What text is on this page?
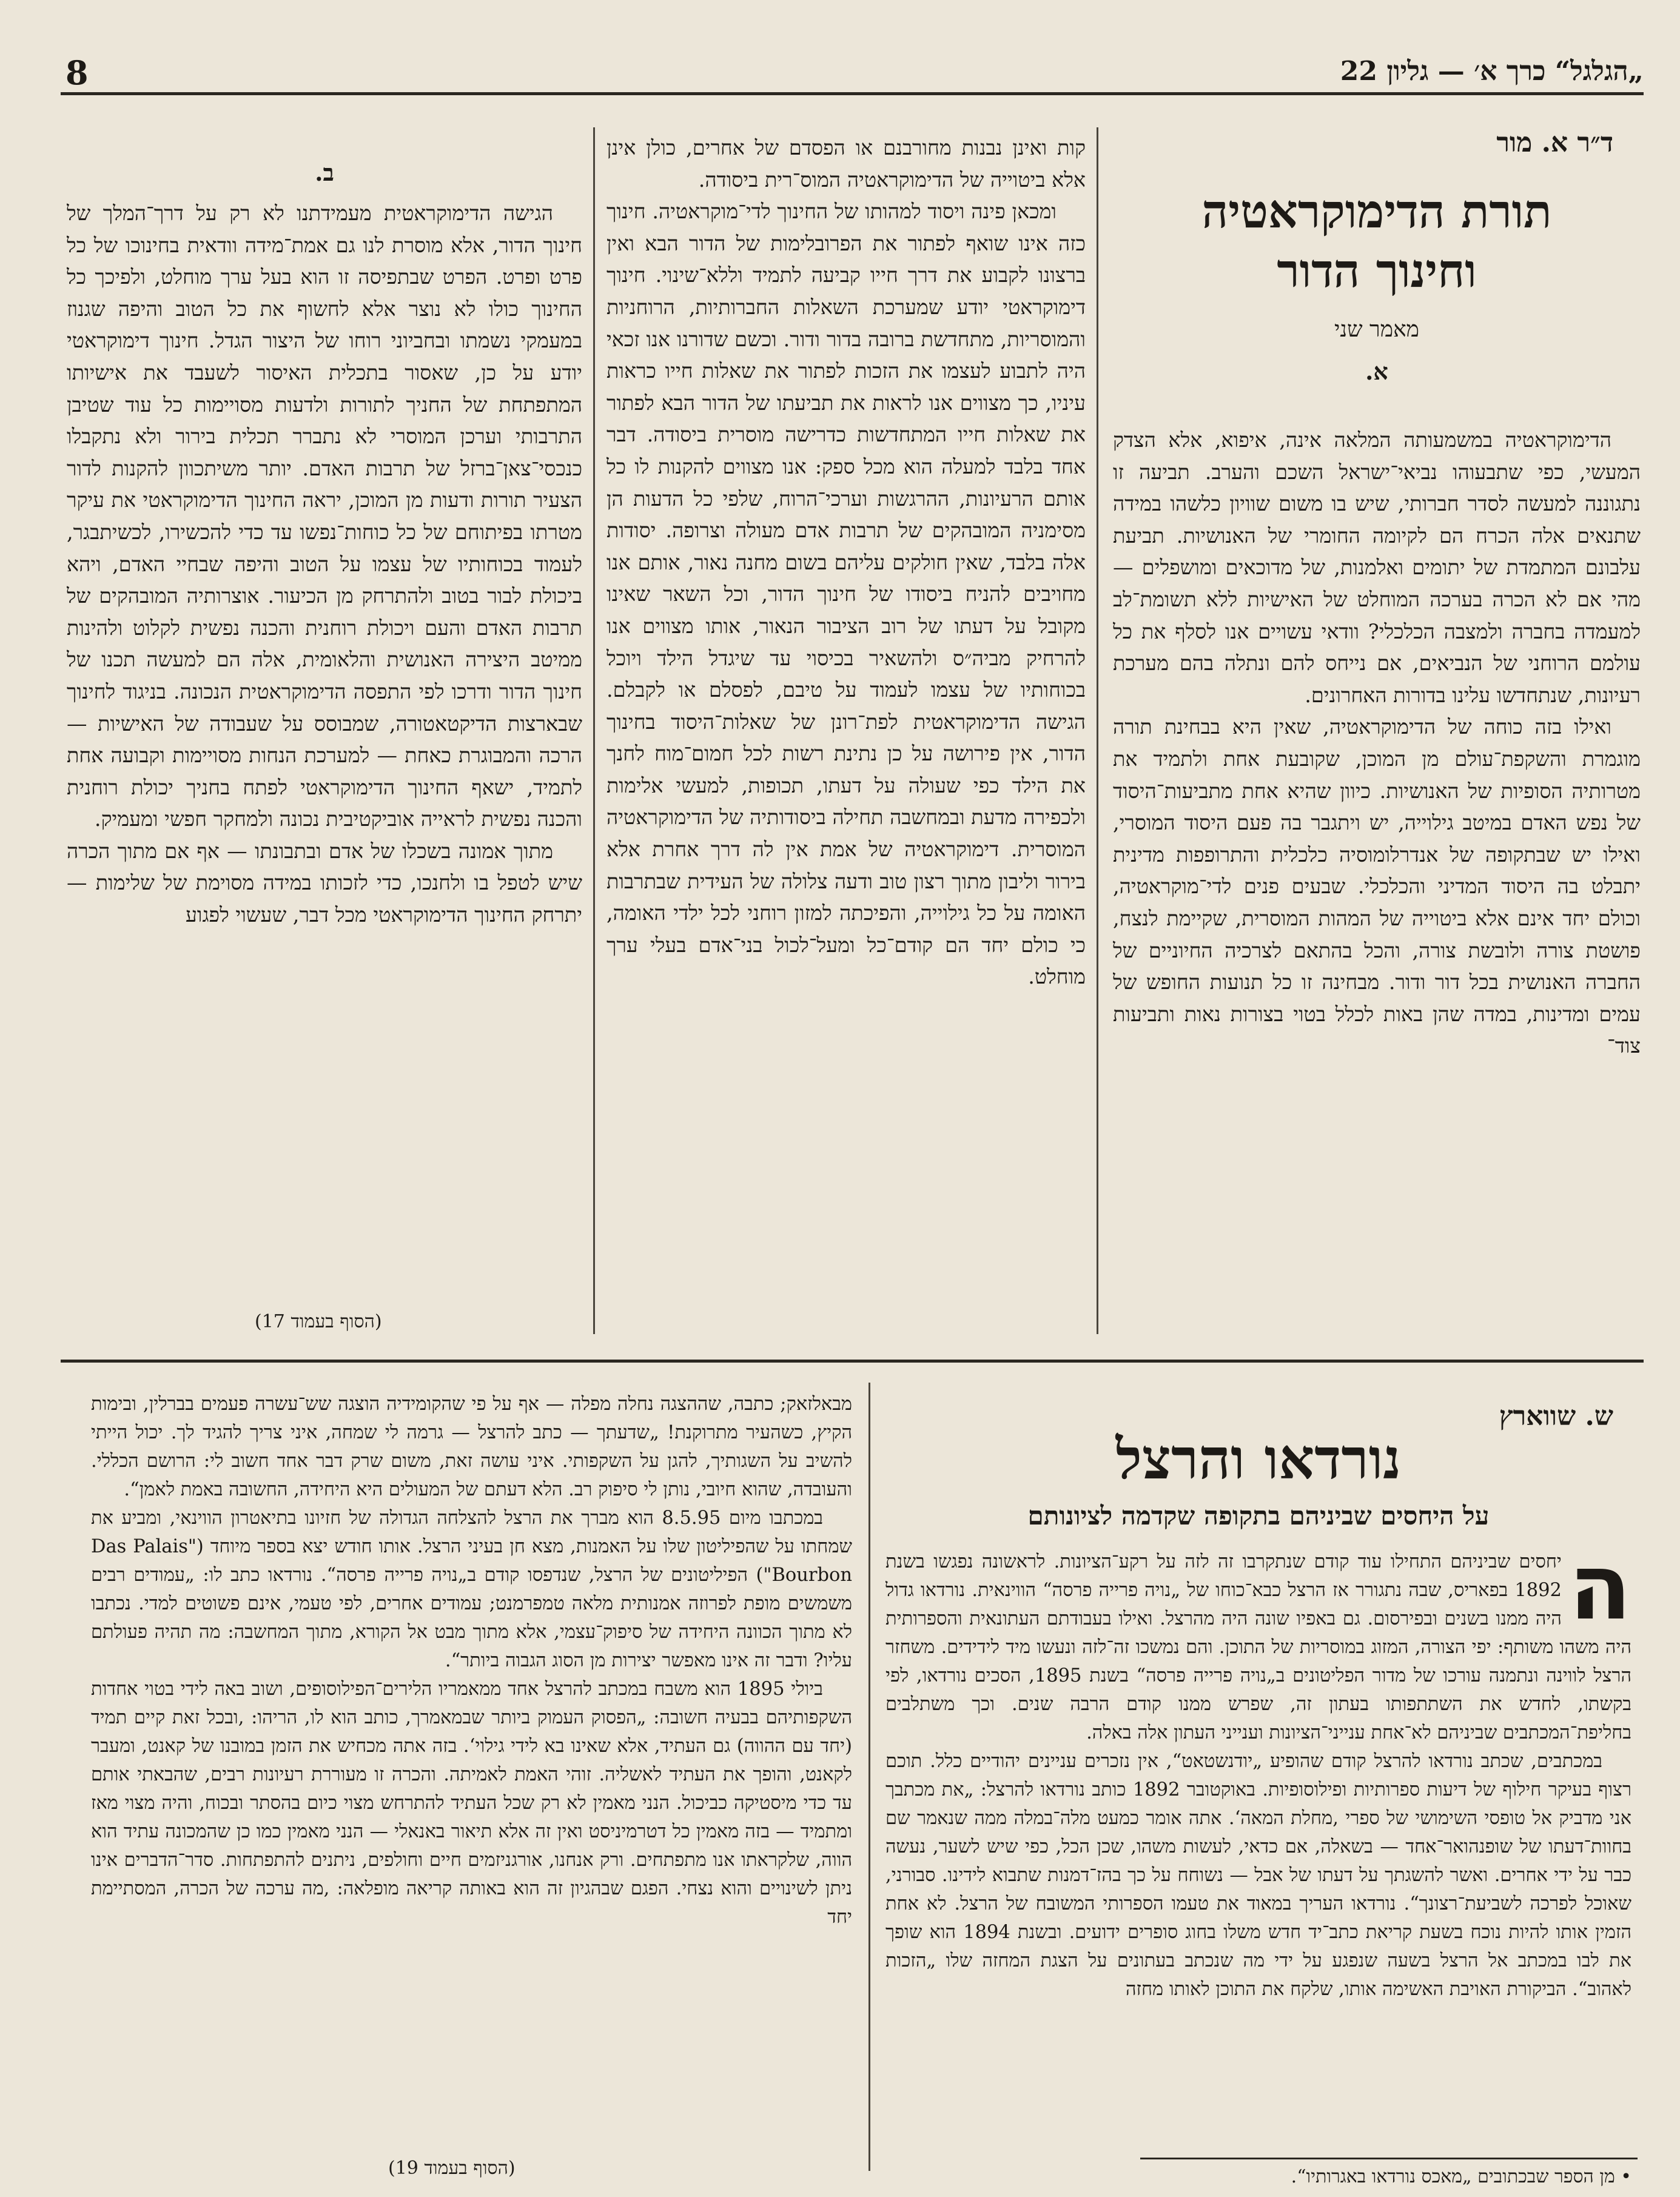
„הגלגל“ כרך א׳ — גליון 22
8
ד״ר א. מור
תורת הדימוקראטיה
וחינוך הדור
מאמר שני
א.

הדימוקראטיה במשמעותה המלאה אינה, איפוא, אלא הצדק המעשי, כפי שתבעוהו נביאי־ישראל השכם והערב. תביעה זו נתגוננה למעשה לסדר חברותי, שיש בו משום שוויון כלשהו במידה שתנאים אלה הכרח הם לקיומה החומרי של האנושיות. תביעת עלבונם המתמדת של יתומים ואלמנות, של מדוכאים ומושפלים — מהי אם לא הכרה בערכה המוחלט של האישיות ללא תשומת־לב למעמדה בחברה ולמצבה הכלכלי? וודאי עשויים אנו לסלף את כל עולמם הרוחני של הנביאים, אם נייחס להם ונתלה בהם מערכת רעיונות, שנתחדשו עלינו בדורות האחרונים.

ואילו בזה כוחה של הדימוקראטיה, שאין היא בבחינת תורה מוגמרת והשקפת־עולם מן המוכן, שקובעת אחת ולתמיד את מטרותיה הסופיות של האנושיות. כיוון שהיא אחת מתביעות־היסוד של נפש האדם במיטב גילוייה, יש ויתגבר בה פעם היסוד המוסרי, ואילו יש שבתקופה של אנדרלומוסיה כלכלית והתרופפות מדינית יתבלט בה היסוד המדיני והכלכלי. שבעים פנים לדי־מוקראטיה, וכולם יחד אינם אלא ביטוייה של המהות המוסרית, שקיימת לנצח, פושטת צורה ולובשת צורה, והכל בהתאם לצרכיה החיוניים של החברה האנושית בכל דור ודור. מבחינה זו כל תנועות החופש של עמים ומדינות, במדה שהן באות לכלל בטוי בצורות נאות ותביעות צוד־

קות ואינן נבנות מחורבנם או הפסדם של אחרים, כולן אינן אלא ביטוייה של הדימוקראטיה המוס־רית ביסודה.

ומכאן פינה ויסוד למהותו של החינוך לדי־מוקראטיה. חינוך כזה אינו שואף לפתור את הפרובלימות של הדור הבא ואין ברצונו לקבוע את דרך חייו קביעה לתמיד וללא־שינוי. חינוך דימוקראטי יודע שמערכת השאלות החברותיות, הרוחניות והמוסריות, מתחדשת ברובה בדור ודור. וכשם שדורנו אנו זכאי היה לתבוע לעצמו את הזכות לפתור את שאלות חייו כראות עיניו, כך מצווים אנו לראות את תביעתו של הדור הבא לפתור את שאלות חייו המתחדשות כדרישה מוסרית ביסודה. דבר אחד בלבד למעלה הוא מכל ספק: אנו מצווים להקנות לו כל אותם הרעיונות, ההרגשות וערכי־הרוח, שלפי כל הדעות הן מסימניה המובהקים של תרבות אדם מעולה וצרופה. יסודות אלה בלבד, שאין חולקים עליהם בשום מחנה נאור, אותם אנו מחויבים להניח ביסודו של חינוך הדור, וכל השאר שאינו מקובל על דעתו של רוב הציבור הנאור, אותו מצווים אנו להרחיק מביה״ס ולהשאיר בכיסוי עד שיגדל הילד ויוכל בכוחותיו של עצמו לעמוד על טיבם, לפסלם או לקבלם. הגישה הדימוקראטית לפת־רונן של שאלות־היסוד בחינוך הדור, אין פירושה על כן נתינת רשות לכל חמום־מוח לחנך את הילד כפי שעולה על דעתו, תכופות, למעשי אלימות ולכפירה מדעת ובמחשבה תחילה ביסודותיה של הדימוקראטיה המוסרית. דימוקראטיה של אמת אין לה דרך אחרת אלא בירור וליבון מתוך רצון טוב ודעה צלולה של העידית שבתרבות האומה על כל גילוייה, והפיכתה למזון רוחני לכל ילדי האומה, כי כולם יחד הם קודם־כל ומעל־לכול בני־אדם בעלי ערך מוחלט.

ב.

הגישה הדימוקראטית מעמידתנו לא רק על דרך־המלך של חינוך הדור, אלא מוסרת לנו גם אמת־מידה וודאית בחינוכו של כל פרט ופרט. הפרט שבתפיסה זו הוא בעל ערך מוחלט, ולפיכך כל החינוך כולו לא נוצר אלא לחשוף את כל הטוב והיפה שגנוז במעמקי נשמתו ובחביוני רוחו של היצור הגדל. חינוך דימוקראטי יודע על כן, שאסור בתכלית האיסור לשעבד את אישיותו המתפתחת של החניך לתורות ולדעות מסויימות כל עוד שטיבן התרבותי וערכן המוסרי לא נתברר תכלית בירור ולא נתקבלו כנכסי־צאן־ברזל של תרבות האדם. יותר משיתכוון להקנות לדור הצעיר תורות ודעות מן המוכן, יראה החינוך הדימוקראטי את עיקר מטרתו בפיתוחם של כל כוחות־נפשו עד כדי להכשירו, לכשיתבגר, לעמוד בכוחותיו של עצמו על הטוב והיפה שבחיי האדם, ויהא ביכולת לבור בטוב ולהתרחק מן הכיעור. אוצרותיה המובהקים של תרבות האדם והעם ויכולת רוחנית והכנה נפשית לקלוט ולהינות ממיטב היצירה האנושית והלאומית, אלה הם למעשה תכנו של חינוך הדור ודרכו לפי התפסה הדימוקראטית הנכונה. בניגוד לחינוך שבארצות הדיקטאטורה, שמבוסס על שעבודה של האישיות — הרכה והמבוגרת כאחת — למערכת הנחות מסויימות וקבועה אחת לתמיד, ישאף החינוך הדימוקראטי לפתח בחניך יכולת רוחנית והכנה נפשית לראייה אוביקטיבית נכונה ולמחקר חפשי ומעמיק.

מתוך אמונה בשכלו של אדם ובתבונתו — אף אם מתוך הכרה שיש לטפל בו ולחנכו, כדי לזכותו במידה מסוימת של שלימות — יתרחק החינוך הדימוקראטי מכל דבר, שעשוי לפגוע

(הסוף בעמוד 17)
ש. שווארץ
נורדאו והרצל
על היחסים שביניהם בתקופה שקדמה לציונותם

ה
יחסים שביניהם התחילו עוד קודם שנתקרבו זה לזה על רקע־הציונות. לראשונה נפגשו בשנת 1892 בפאריס, שבה נתגורר אז הרצל כבא־כוחו של „נויה פרייה פרסה“ הווינאית. נורדאו גדול היה ממנו בשנים ובפירסום. גם באפיו שונה היה מהרצל. ואילו בעבודתם העתונאית והספרותית היה משהו משותף: יפי הצורה, המזוג במוסריות של התוכן. והם נמשכו זה־לזה ונעשו מיד לידידים. משחזר הרצל לווינה ונתמנה עורכו של מדור הפליטונים ב„נויה פרייה פרסה“ בשנת 1895, הסכים נורדאו, לפי בקשתו, לחדש את השתתפותו בעתון זה, שפרש ממנו קודם הרבה שנים. וכך משתלבים בחליפת־המכתבים שביניהם לא־אחת ענייני־הציונות וענייני העתון אלה באלה.

במכתבים, שכתב נורדאו להרצל קודם שהופיע „יודנשטאט“, אין נזכרים עניינים יהודיים כלל. תוכם רצוף בעיקר חילוף של דיעות ספרותיות ופילוסופיות. באוקטובר 1892 כותב נורדאו להרצל: „את מכתבך אני מדביק אל טופסי השימושי של ספרי ,מחלת המאה‘. אתה אומר כמעט מלה־במלה ממה שנאמר שם בחוות־דעתו של שופנהואר־אחד — בשאלה, אם כדאי, לעשות משהו, שכן הכל, כפי שיש לשער, נעשה כבר על ידי אחרים. ואשר להשגתך על דעתו של אבל — נשוחח על כך בהז־דמנות שתבוא לידינו. סבורני, שאוכל לפרכה לשביעת־רצונך“. נורדאו העריך במאוד את טעמו הספרותי המשובח של הרצל. לא אחת הזמין אותו להיות נוכח בשעת קריאת כתב־יד חדש משלו בחוג סופרים ידועים. ובשנת 1894 הוא שופך את לבו במכתב אל הרצל בשעה שנפגע על ידי מה שנכתב בעתונים על הצגת המחזה שלו „הזכות לאהוב“. הביקורת האויבת האשימה אותו, שלקח את התוכן לאותו מחזה

מבאלזאק; כתבה, שההצגה נחלה מפלה — אף על פי שהקומידיה הוצגה שש־עשרה פעמים בברלין, ובימות הקיץ, כשהעיר מתרוקנת! „שדעתך — כתב להרצל — גרמה לי שמחה, איני צריך להגיד לך. יכול הייתי להשיב על השגותיך, להגן על השקפותי. איני עושה זאת, משום שרק דבר אחד חשוב לי: הרושם הכללי. והעובדה, שהוא חיובי, נותן לי סיפוק רב. הלא דעתם של המעולים היא היחידה, החשובה באמת לאמן“.

במכתבו מיום 8.5.95 הוא מברך את הרצל להצלחה הגדולה של חזיונו בתיאטרון הווינאי, ומביע את שמחתו על שהפיליטון שלו על האמנות, מצא חן בעיני הרצל. אותו חודש יצא בספר מיוחד ("Das Palais Bourbon") הפיליטונים של הרצל, שנדפסו קודם ב„נויה פרייה פרסה“. נורדאו כתב לו: „עמודים רבים משמשים מופת לפרוזה אמנותית מלאה טמפרמנט; עמודים אחרים, לפי טעמי, אינם פשוטים למדי. נכתבו לא מתוך הכוונה היחידה של סיפוק־עצמי, אלא מתוך מבט אל הקורא, מתוך המחשבה: מה תהיה פעולתם עליו? ודבר זה אינו מאפשר יצירות מן הסוג הגבוה ביותר“.

ביולי 1895 הוא משבח במכתב להרצל אחד ממאמריו הלירים־הפילוסופים, ושוב באה לידי בטוי אחדות השקפותיהם בבעיה חשובה: „הפסוק העמוק ביותר שבמאמרך, כותב הוא לו, הריהו: ,ובכל זאת קיים תמיד (יחד עם ההווה) גם העתיד, אלא שאינו בא לידי גילוי‘. בזה אתה מכחיש את הזמן במובנו של קאנט, ומעבר לקאנט, והופך את העתיד לאשליה. זוהי האמת לאמיתה. והכרה זו מעוררת רעיונות רבים, שהבאתי אותם עד כדי מיסטיקה כביכול. הנני מאמין לא רק שכל העתיד להתרחש מצוי כיום בהסתר ובכוח, והיה מצוי מאז ומתמיד — בזה מאמין כל דטרמיניסט ואין זה אלא תיאור באנאלי — הנני מאמין כמו כן שהמכונה עתיד הוא הווה, שלקראתו אנו מתפתחים. ורק אנחנו, אורגניזמים חיים וחולפים, ניתנים להתפתחות. סדר־הדברים אינו ניתן לשינויים והוא נצחי. הפגם שבהגיון זה הוא באותה קריאה מופלאה: ,מה ערכה של הכרה, המסתיימת יחד

(הסוף בעמוד 19)	• מן הספר שבכתובים „מאכס נורדאו באגרותיו“.
